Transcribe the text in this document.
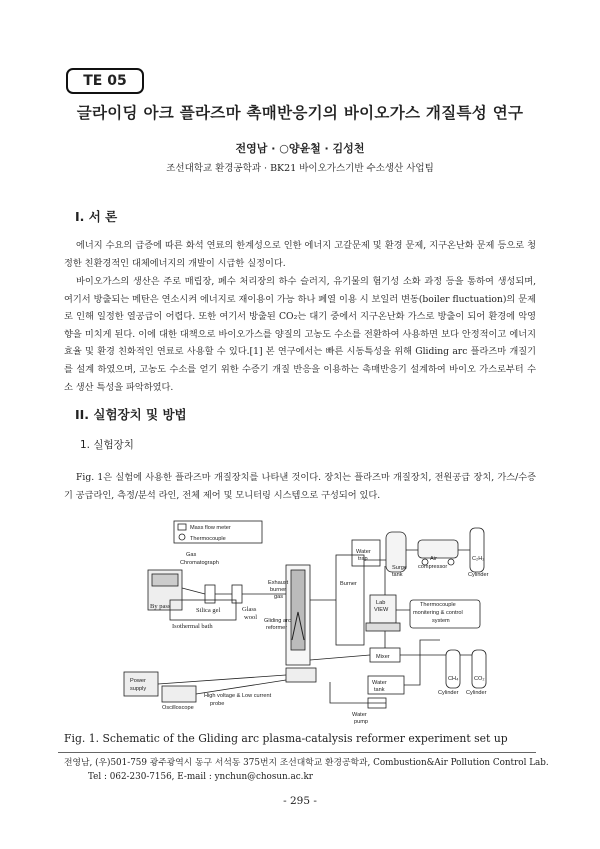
TE 05
글라이딩 아크 플라즈마 촉매반응기의 바이오가스 개질특성 연구
전영남 · ○양윤철 · 김성천
조선대학교 환경공학과 · BK21 바이오가스기반 수소생산 사업팀
I. 서 론
에너지 수요의 급증에 따른 화석 연료의 한계성으로 인한 에너지 고갈문제 및 환경 문제, 지구온난화 문제 등으로 청정한 친환경적인 대체에너지의 개발이 시급한 실정이다.
바이오가스의 생산은 주로 매립장, 폐수 처리장의 하수 슬러지, 유기물의 혐기성 소화 과정 등을 통하여 생성되며, 여기서 방출되는 메탄은 연소시켜 에너지로 재이용이 가능 하나 폐열 이용 시 보일러 변동(boiler fluctuation)의 문제로 인해 일정한 열공급이 어렵다. 또한 여기서 방출된 CO₂는 대기 중에서 지구온난화 가스로 방출이 되어 환경에 악영향을 미치게 된다. 이에 대한 대책으로 바이오가스를 양질의 고농도 수소를 전환하여 사용하면 보다 안정적이고 에너지효율 및 환경 친화적인 연료로 사용할 수 있다.[1] 본 연구에서는 빠른 시동특성을 위해 Gliding arc 플라즈마 개질기를 설계 하였으며, 고농도 수소를 얻기 위한 수증기 개질 반응을 이용하는 촉매반응기 설계하여 바이오 가스로부터 수소 생산 특성을 파악하였다.
II. 실험장치 및 방법
1. 실험장치
Fig. 1은 실험에 사용한 플라즈마 개질장치를 나타낸 것이다. 장치는 플라즈마 개질장치, 전원공급 장치, 가스/수증기 공급라인, 측정/분석 라인, 전체 제어 및 모니터링 시스템으로 구성되어 있다.
Mass flow meter
Thermocouple
Gas
Chromatograph
By pass
Silica gel	Glass
wool
Isothermal bath
Exhaust
burner
gas
Gliding arc
reformer
Water
trap
Burner
Surge
tank
Air
compressor
C₂H₂
Cylinder
Lab
VIEW
Thermocouple
monitering & control
system
Mixer
CH₄	CO₂
Cylinder Cylinder
Power
supply
Oscilloscope
High voltage & Low current
probe
Water
tank
Water
pump
Fig. 1. Schematic of the Gliding arc plasma-catalysis reformer experiment set up
전영남, (우)501-759 광주광역시 동구 서석동 375번지 조선대학교 환경공학과, Combustion&Air Pollution Control Lab.
Tel : 062-230-7156, E-mail : ynchun@chosun.ac.kr
- 295 -
